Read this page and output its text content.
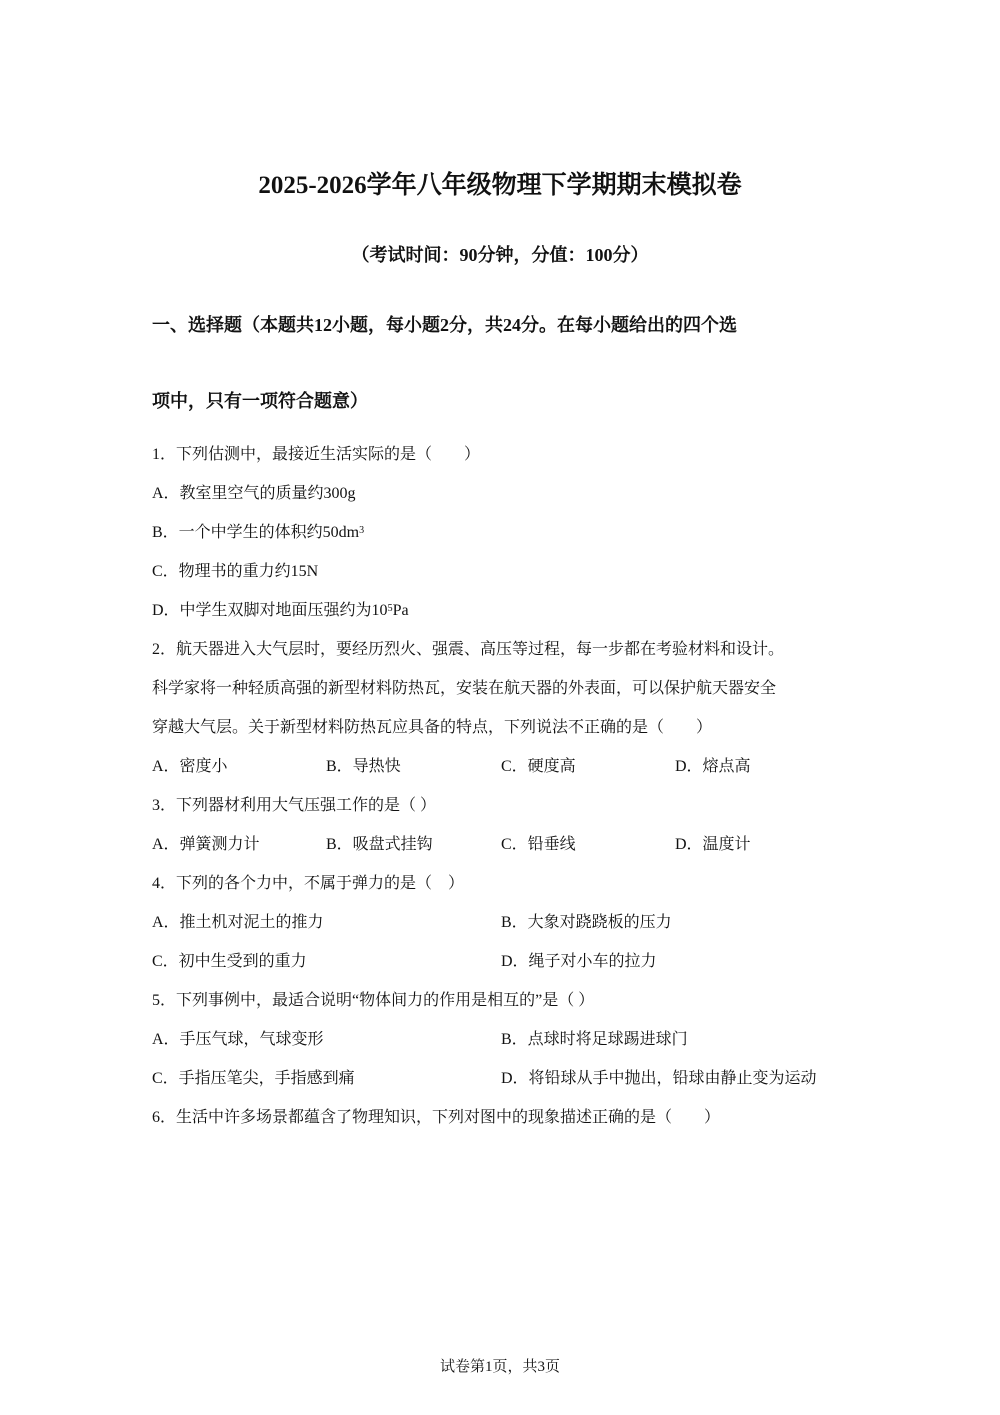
2025-2026学年八年级物理下学期期末模拟卷
（考试时间：90分钟，分值：100分）
一、选择题（本题共12小题，每小题2分，共24分。在每小题给出的四个选
项中，只有一项符合题意）
1．下列估测中，最接近生活实际的是（　　）
A．教室里空气的质量约300g
B．一个中学生的体积约$50dm^3$
C．物理书的重力约15N
D．中学生双脚对地面压强约为$10^5Pa$
2．航天器进入大气层时，要经历烈火、强震、高压等过程，每一步都在考验材料和设计。
科学家将一种轻质高强的新型材料防热瓦，安装在航天器的外表面，可以保护航天器安全
穿越大气层。关于新型材料防热瓦应具备的特点，下列说法不正确的是（　　）
A．密度小	B．导热快	C．硬度高	D．熔点高
3．下列器材利用大气压强工作的是（ ）
A．弹簧测力计	B．吸盘式挂钩	C．铅垂线	D．温度计
4．下列的各个力中，不属于弹力的是（　）
A．推土机对泥土的推力	B．大象对跷跷板的压力
C．初中生受到的重力	D．绳子对小车的拉力
5．下列事例中，最适合说明“物体间力的作用是相互的”是（ ）
A．手压气球，气球变形	B．点球时将足球踢进球门
C．手指压笔尖，手指感到痛	D．将铅球从手中抛出，铅球由静止变为运动
6．生活中许多场景都蕴含了物理知识，下列对图中的现象描述正确的是（　　）
试卷第1页，共3页
